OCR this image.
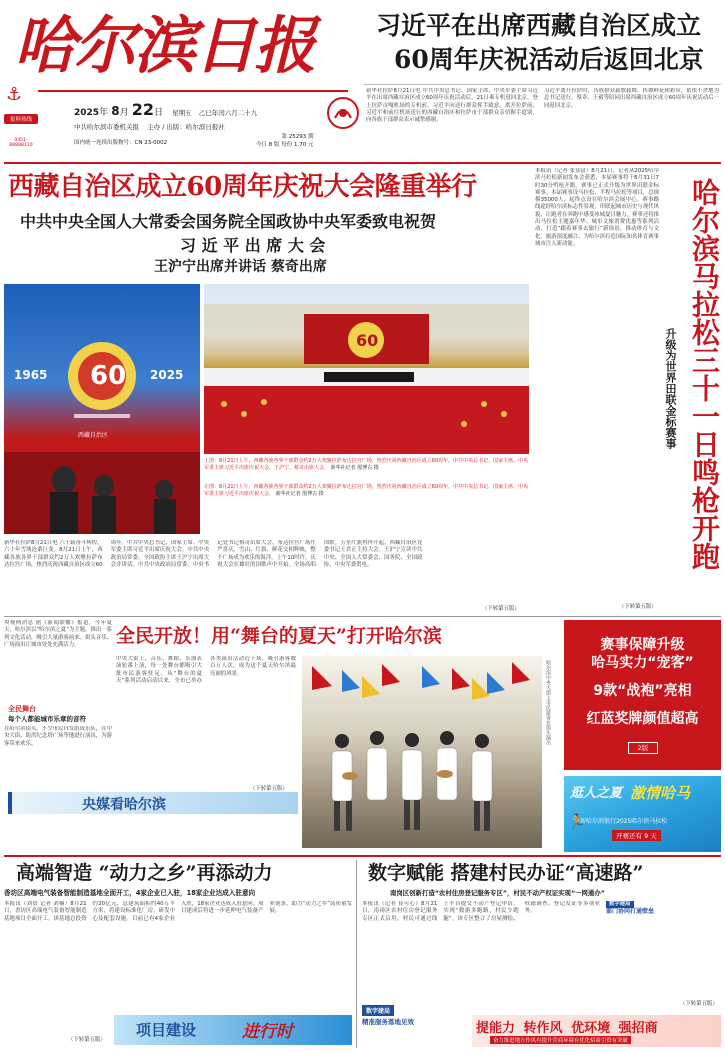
哈尔滨日报
2025年 8月 22日 星期五 乙巳年闰六月二十九
中共哈尔滨市委机关报 主办 / 出版：哈尔滨日报社
国内统一连续出版物号：CN 23-0002
第 25293 期
今日 8 版 每份 1.70 元
报料热线
0451-88888110
⚓
习近平在出席西藏自治区成立
60周年庆祝活动后返回北京
新华社拉萨8月21日电 中共中央总书记、国家主席、中央军委主席习近平在出席西藏自治区成立60周年庆祝活动后，21日乘专机返回北京。登上拉萨贡嘎机场的专机前，习近平向送行群众挥手致意。离开拉萨前，习近平和前往机场送行的西藏自治区和拉萨市干部群众亲切握手道别，向各族干部群众表示诚挚感谢。
习近平离开拉萨时，各族群众载歌载舞，挥舞鲜花和彩带，依依不舍地为总书记送行。蔡奇、王毅等陪同出席西藏自治区成立60周年庆祝活动后一同返回北京。
西藏自治区成立60周年庆祝大会隆重举行
中共中央全国人大常委会国务院全国政协中央军委致电祝贺
习 近 平 出 席 大 会
王沪宁出席并讲话 蔡奇出席
60
1965	2025
西藏自治区
60
上图：8月21日上午，西藏各族各界干部群众约2万人欢聚拉萨布达拉宫广场，热烈庆祝西藏自治区成立60周年。中共中央总书记、国家主席、中央军委主席习近平出席庆祝大会。王沪宁、蔡奇出席大会。 新华社记者 殷博古 摄
左图：8月21日上午，西藏各族各界干部群众约2万人欢聚拉萨布达拉宫广场，热烈庆祝西藏自治区成立60周年。中共中央总书记、国家主席、中央军委主席习近平出席庆祝大会。 新华社记者 殷博古 摄
新华社拉萨8月21日电 六十载奋斗辉煌，六十年雪域沧桑巨变。8月21日上午，西藏各族各界干部群众约2万人欢聚拉萨布达拉宫广场，热烈庆祝西藏自治区成立60周年。中共中央总书记、国家主席、中央军委主席习近平出席庆祝大会。中共中央政治局常委、全国政协主席王沪宁出席大会并讲话。中共中央政治局常委、中央书记处书记蔡奇出席大会。布达拉宫广场庄严喜庆，雪山、红旗、鲜花交相辉映，整个广场成为欢乐的海洋。上午10时许，庆祝大会在雄壮的国歌声中开始。全场高唱国歌。五星红旗冉冉升起。西藏自治区党委书记王君正主持大会。王沪宁宣读中共中央、全国人大常委会、国务院、全国政协、中央军委贺电。
（下转第五版）
本报讯（记者 张显富）8月21日，记者从2025哈尔滨马拉松新闻发布会获悉，本届赛事将于8月31日7时30分鸣枪开跑。赛事已正式升级为世界田联金标赛事。本届赛事设马拉松、半程马拉松等项目，总规模35000人，起终点设在哈尔滨会展中心。赛事路线途经哈尔滨标志性景观，串联起城市历史与现代风貌，让跑者在奔跑中感受冰城夏日魅力。赛事还将推出马拉松主题嘉年华、城市文旅消费优惠等系列活动，打造“跟着赛事去旅行”新场景，推动体育与文化、旅游深度融合，为哈尔滨打造国际知名体育赛事城市注入新动能。	哈尔滨马拉松三十一日鸣枪开跑
升级为世界田联金标赛事
（下转第五版）
央视网消息 据《新闻联播》报道，今年夏天，哈尔滨以“哈尔滨之夏”为主题，推出一系列文化活动，吸引大量游客前来。街头音乐、广场演出让城市处处充满活力。
全民舞台
每个人都能城市乐章的音符
在哈尔滨街头，不少市民自发组成乐队，在中央大街、防洪纪念塔广场等地进行演出，为游客带来欢乐。
全民开放！用“舞台的夏天”打开哈尔滨
中央大街上，音乐、舞蹈、乐器表演轮番上演，每一处舞台都吸引大批市民游客驻足。从“舞台的夏天”系列活动启动以来，全市已举办各类演出活动近千场，吸引游客数百万人次，成为这个夏天哈尔滨最亮丽的风景。
（下转第五版）
哈尔滨中央大街上市民游客在街头演出
央媒看哈尔滨
赛事保障升级
哈马实力“宠客”
9款“战袍”亮相
红蓝奖牌颜值超高
2版
逛人之夏 激情哈马
新哈尔滨银行2025哈尔滨马拉松
开赛还有 9 天
🏃
高端智造 “动力之乡”再添动力
香坊区高端电气装备智能制造基地全面开工，4家企业已入驻，18家企业达成入驻意向
本报讯（刘晨 记者 刘楠）8月21日，香坊区高端电气装备智能制造基地项目全面开工。该基地总投资约20亿元，总建筑面积约40万平方米，将建设标准化厂房、研发中心及配套设施。目前已有4家企业入驻，18家企业达成入驻意向。项目建成后将进一步延伸电气装备产业链条，助力“动力之乡”高质量发展。
项目建设	进行时
（下转第五版）
数字赋能 搭建村民办证“高速路”
南岗区创新打造“农村住房登记服务专区”，村民不动产权证实现“一网通办”
本报讯（记者 崔可心）8月21日，南岗区农村住房登记服务专区正式启用，村民可通过线上平台提交不动产登记申请，实现“数据多跑路，村民少跑腿”。该专区整合了房屋测绘、权籍调查、登记发证等多项业务。
数字建局
精准服务落地见效
数字建局
部门协同打通壁垒
（下转第五版）
提能力 转作风 优环境 强招商
奋力推进地方作风有提升营商环境有优化招商引资有突破
